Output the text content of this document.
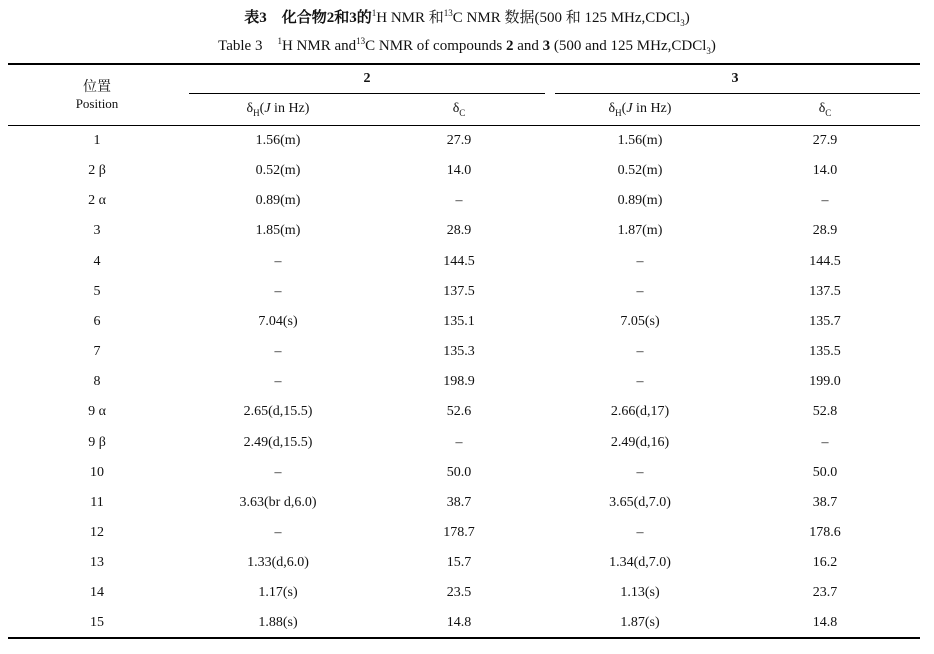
表3　化合物2和3的$^1$H NMR 和$^{13}$C NMR 数据(500 和 125 MHz,CDCl$_3$)
Table 3　$^1$H NMR and$^{13}$C NMR of compounds 2 and 3 (500 and 125 MHz,CDCl$_3$)
位置
Position
2	3
$\delta_H(J$ in Hz)	$\delta_C$	$\delta_H(J$ in Hz)	$\delta_C$
1	1.56(m)	27.9	1.56(m)	27.9
2 β	0.52(m)	14.0	0.52(m)	14.0
2 α	0.89(m)	–	0.89(m)	–
3	1.85(m)	28.9	1.87(m)	28.9
4	–	144.5	–	144.5
5	–	137.5	–	137.5
6	7.04(s)	135.1	7.05(s)	135.7
7	–	135.3	–	135.5
8	–	198.9	–	199.0
9 α	2.65(d,15.5)	52.6	2.66(d,17)	52.8
9 β	2.49(d,15.5)	–	2.49(d,16)	–
10	–	50.0	–	50.0
11	3.63(br d,6.0)	38.7	3.65(d,7.0)	38.7
12	–	178.7	–	178.6
13	1.33(d,6.0)	15.7	1.34(d,7.0)	16.2
14	1.17(s)	23.5	1.13(s)	23.7
15	1.88(s)	14.8	1.87(s)	14.8
